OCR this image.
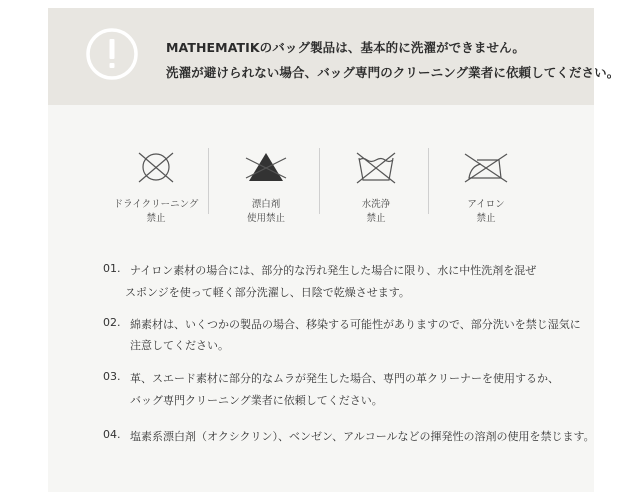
MATHEMATIKのバッグ製品は、基本的に洗濯ができません。
洗濯が避けられない場合、バッグ専門のクリーニング業者に依頼してください。
ドライクリーニング
禁止
漂白剤
使用禁止
水洗浄
禁止
アイロン
禁止
01. ナイロン素材の場合には、部分的な汚れ発生した場合に限り、水に中性洗剤を混ぜ
スポンジを使って軽く部分洗濯し、日陰で乾燥させます。
02. 綿素材は、いくつかの製品の場合、移染する可能性がありますので、部分洗いを禁じ湿気に
注意してください。
03. 革、スエード素材に部分的なムラが発生した場合、専門の革クリーナーを使用するか、
バッグ専門クリーニング業者に依頼してください。
04. 塩素系漂白剤（オクシクリン）、ベンゼン、アルコールなどの揮発性の溶剤の使用を禁じます。
